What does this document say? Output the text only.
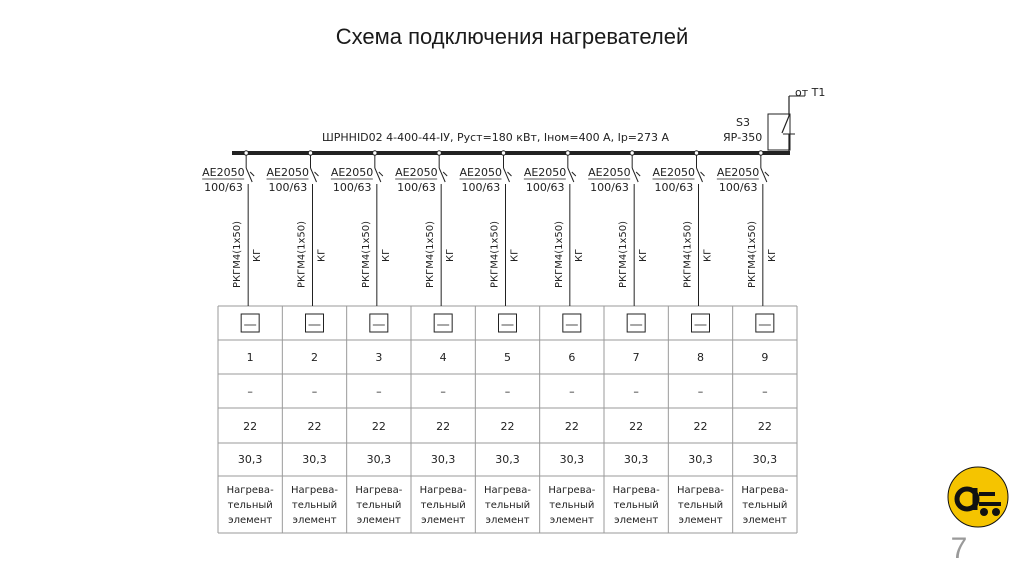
Схема подключения нагревателей
ШРНHID02 4-400-44-IУ, Pуст=180 кВт, Iном=400 А, Iр=273 А
от Т1
S3
ЯР-350
АЕ2050
100/63
РКГМ4(1х50) КГ
1
–
22
30,3
Нагрева-
тельный
элемент
АЕ2050
100/63
РКГМ4(1х50) КГ
2
–
22
30,3
Нагрева-
тельный
элемент
АЕ2050
100/63
РКГМ4(1х50) КГ
3
–
22
30,3
Нагрева-
тельный
элемент
АЕ2050
100/63
РКГМ4(1х50) КГ
4
–
22
30,3
Нагрева-
тельный
элемент
АЕ2050
100/63
РКГМ4(1х50) КГ
5
–
22
30,3
Нагрева-
тельный
элемент
АЕ2050
100/63
РКГМ4(1х50) КГ
6
–
22
30,3
Нагрева-
тельный
элемент
АЕ2050
100/63
РКГМ4(1х50) КГ
7
–
22
30,3
Нагрева-
тельный
элемент
АЕ2050
100/63
РКГМ4(1х50) КГ
8
–
22
30,3
Нагрева-
тельный
элемент
АЕ2050
100/63
РКГМ4(1х50) КГ
9
–
22
30,3
Нагрева-
тельный
элемент
7
